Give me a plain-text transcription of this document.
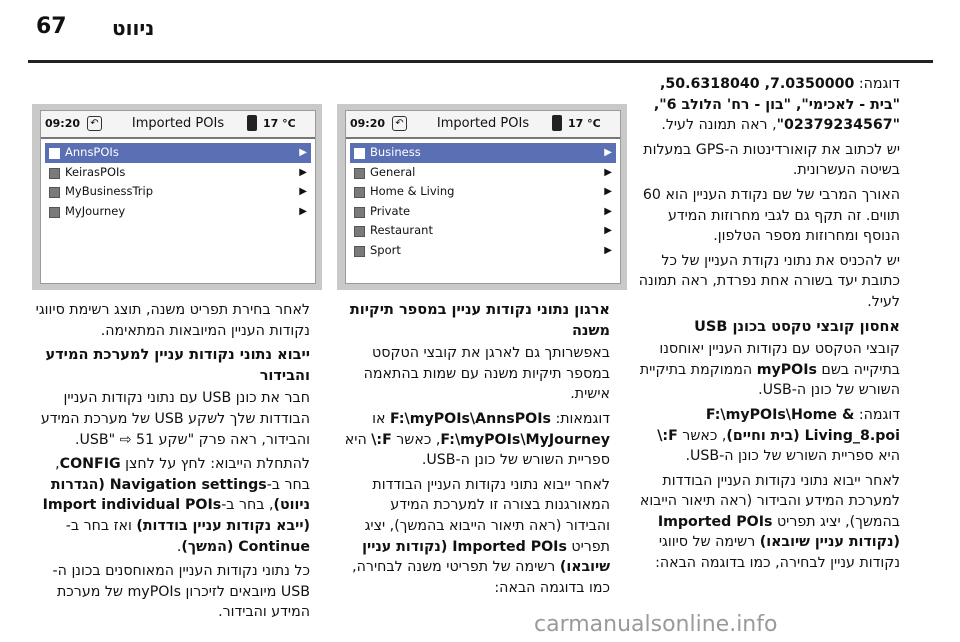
67 ניווט

דוגמה: 7.0350000, 50.6318040, "בית - לאכימי", "בון - רח' הלולב 6", "02379234567", ראה תמונה לעיל.

יש לכתוב את קואורדינטות ה-GPS במעלות בשיטה העשרונית.

האורך המרבי של שם נקודת העניין הוא 60 תווים. זה תקף גם לגבי מחרוזות המידע הנוסף ומחרוזות מספר הטלפון.

יש להכניס את נתוני נקודת העניין של כל כתובת יעד בשורה אחת נפרדת, ראה תמונה לעיל.

אחסון קובצי טקסט בכונן USB

קובצי הטקסט עם נקודות העניין יאוחסנו בתיקייה בשם myPOIs הממוקמת בתיקיית השורש של כונן ה-USB.

דוגמה: F:\myPOIs\Home & Living_8.poi (בית וחיים), כאשר F:\ היא ספריית השורש של כונן ה-USB.

לאחר ייבוא נתוני נקודות העניין הבודדות למערכת המידע והבידור (ראה תיאור הייבוא בהמשך), יציג תפריט Imported POIs (נקודות עניין שיובאו) רשימה של סיווגי נקודות עניין לבחירה, כמו בדוגמה הבאה:

09:20	↶	Imported POIs	17 °C
Business	▶
General	▶
Home & Living	▶
Private	▶
Restaurant	▶
Sport	▶
ארגון נתוני נקודות עניין במספר תיקיות משנה

באפשרותך גם לארגן את קובצי הטקסט במספר תיקיות משנה עם שמות בהתאמה אישית.

דוגמאות: F:\myPOIs\AnnsPOIs או F:\myPOIs\MyJourney, כאשר F:\ היא ספריית השורש של כונן ה-USB.

לאחר ייבוא נתוני נקודות העניין הבודדות המאורגנות בצורה זו למערכת המידע והבידור (ראה תיאור הייבוא בהמשך), יציג תפריט Imported POIs (נקודות עניין שיובאו) רשימה של תפריטי משנה לבחירה, כמו בדוגמה הבאה:

09:20	↶	Imported POIs	17 °C
AnnsPOIs	▶
KeirasPOIs	▶
MyBusinessTrip	▶
MyJourney	▶

לאחר בחירת תפריט משנה, תוצג רשימת סיווגי נקודות העניין המיובאות המתאימה.

ייבוא נתוני נקודות עניין למערכת המידע והבידור

חבר את כונן USB עם נתוני נקודות העניין הבודדות שלך לשקע USB של מערכת המידע והבידור, ראה פרק "שקע USB" ⇨ 51.

להתחלת הייבוא: לחץ על לחצן CONFIG, בחר ב-Navigation settings (הגדרות ניווט), בחר ב-Import individual POIs (ייבא נקודות עניין בודדות) ואז בחר ב-Continue (המשך).

כל נתוני נקודות העניין המאוחסנים בכונן ה-USB מיובאים לזיכרון myPOIs של מערכת המידע והבידור.	carmanualsonline.info
